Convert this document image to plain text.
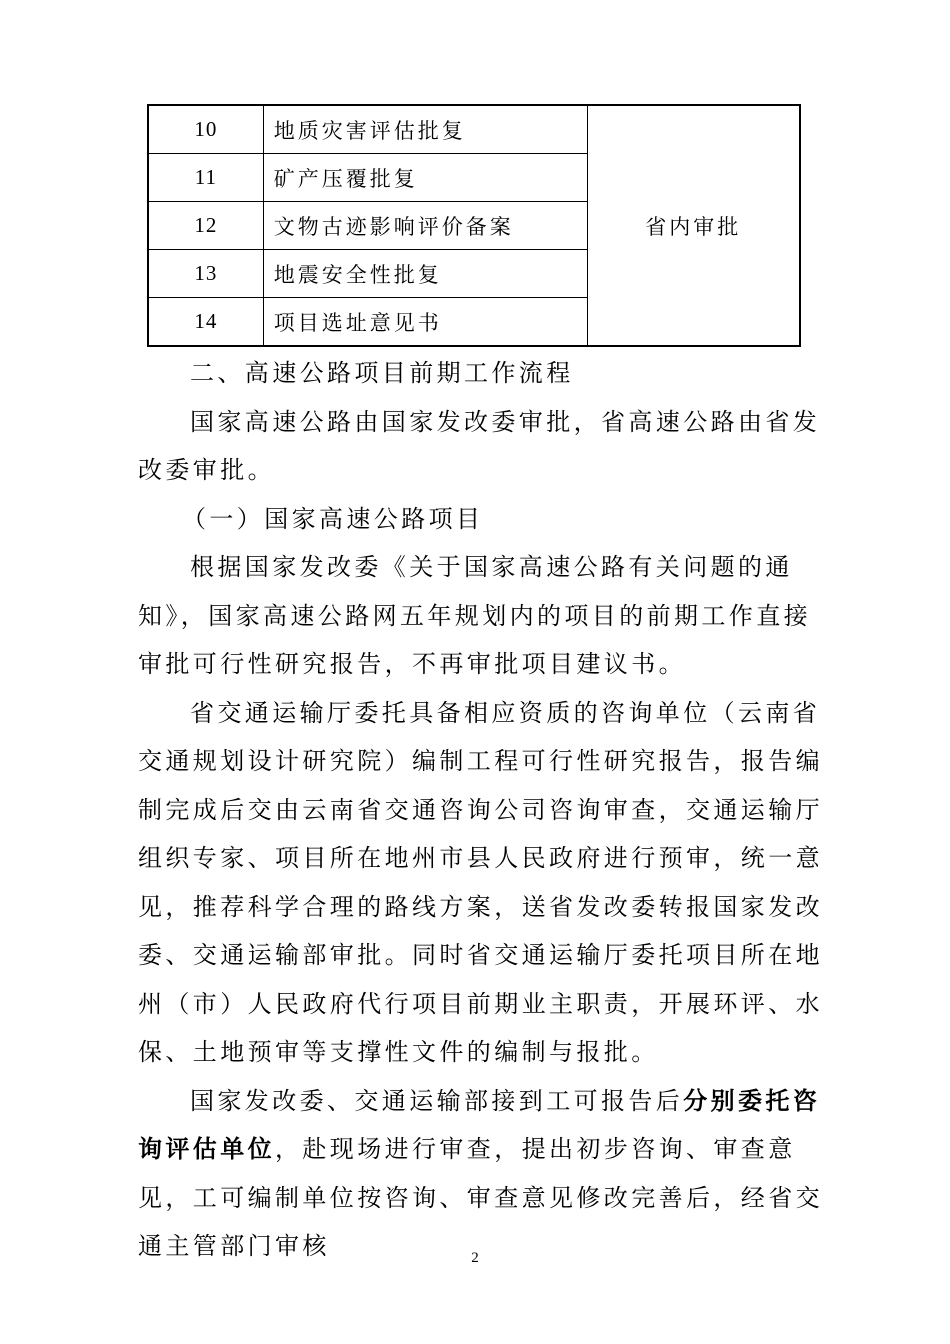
10	地质灾害评估批复	省内审批
11	矿产压覆批复	
12	文物古迹影响评价备案	
13	地震安全性批复	
14	项目选址意见书	

二、高速公路项目前期工作流程

国家高速公路由国家发改委审批，省高速公路由省发改委审批。

（一）国家高速公路项目

根据国家发改委《关于国家高速公路有关问题的通知》，国家高速公路网五年规划内的项目的前期工作直接审批可行性研究报告，不再审批项目建议书。

省交通运输厅委托具备相应资质的咨询单位（云南省交通规划设计研究院）编制工程可行性研究报告，报告编制完成后交由云南省交通咨询公司咨询审查，交通运输厅组织专家、项目所在地州市县人民政府进行预审，统一意见，推荐科学合理的路线方案，送省发改委转报国家发改委、交通运输部审批。同时省交通运输厅委托项目所在地州（市）人民政府代行项目前期业主职责，开展环评、水保、土地预审等支撑性文件的编制与报批。

国家发改委、交通运输部接到工可报告后分别委托咨询评估单位，赴现场进行审查，提出初步咨询、审查意见，工可编制单位按咨询、审查意见修改完善后，经省交通主管部门审核	2
